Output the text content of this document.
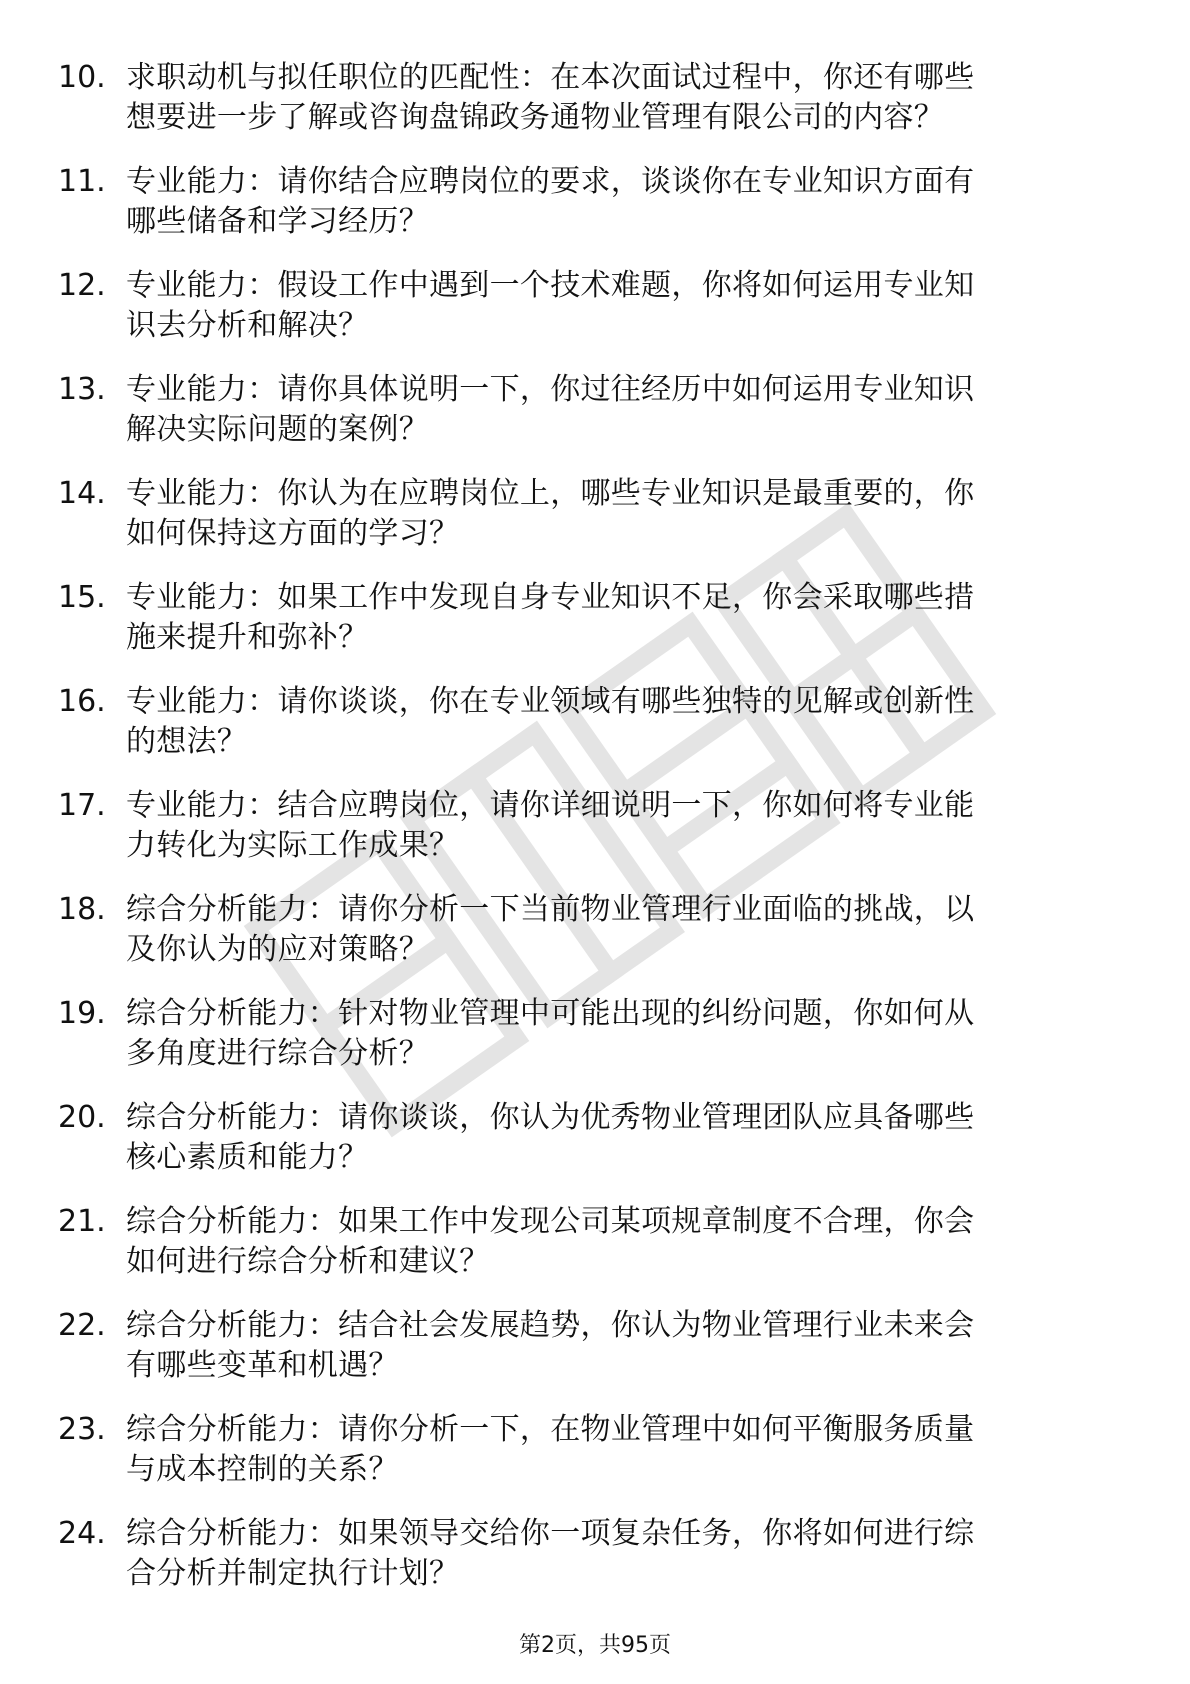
10. 求职动机与拟任职位的匹配性：在本次面试过程中，你还有哪些
想要进一步了解或咨询盘锦政务通物业管理有限公司的内容？
11. 专业能力：请你结合应聘岗位的要求，谈谈你在专业知识方面有
哪些储备和学习经历？
12. 专业能力：假设工作中遇到一个技术难题，你将如何运用专业知
识去分析和解决？
13. 专业能力：请你具体说明一下，你过往经历中如何运用专业知识
解决实际问题的案例？
14. 专业能力：你认为在应聘岗位上，哪些专业知识是最重要的，你
如何保持这方面的学习？
15. 专业能力：如果工作中发现自身专业知识不足，你会采取哪些措
施来提升和弥补？
16. 专业能力：请你谈谈，你在专业领域有哪些独特的见解或创新性
的想法？
17. 专业能力：结合应聘岗位，请你详细说明一下，你如何将专业能
力转化为实际工作成果？
18. 综合分析能力：请你分析一下当前物业管理行业面临的挑战，以
及你认为的应对策略？
19. 综合分析能力：针对物业管理中可能出现的纠纷问题，你如何从
多角度进行综合分析？
20. 综合分析能力：请你谈谈，你认为优秀物业管理团队应具备哪些
核心素质和能力？
21. 综合分析能力：如果工作中发现公司某项规章制度不合理，你会
如何进行综合分析和建议？
22. 综合分析能力：结合社会发展趋势，你认为物业管理行业未来会
有哪些变革和机遇？
23. 综合分析能力：请你分析一下，在物业管理中如何平衡服务质量
与成本控制的关系？
24. 综合分析能力：如果领导交给你一项复杂任务，你将如何进行综
合分析并制定执行计划？
第2页，共95页
